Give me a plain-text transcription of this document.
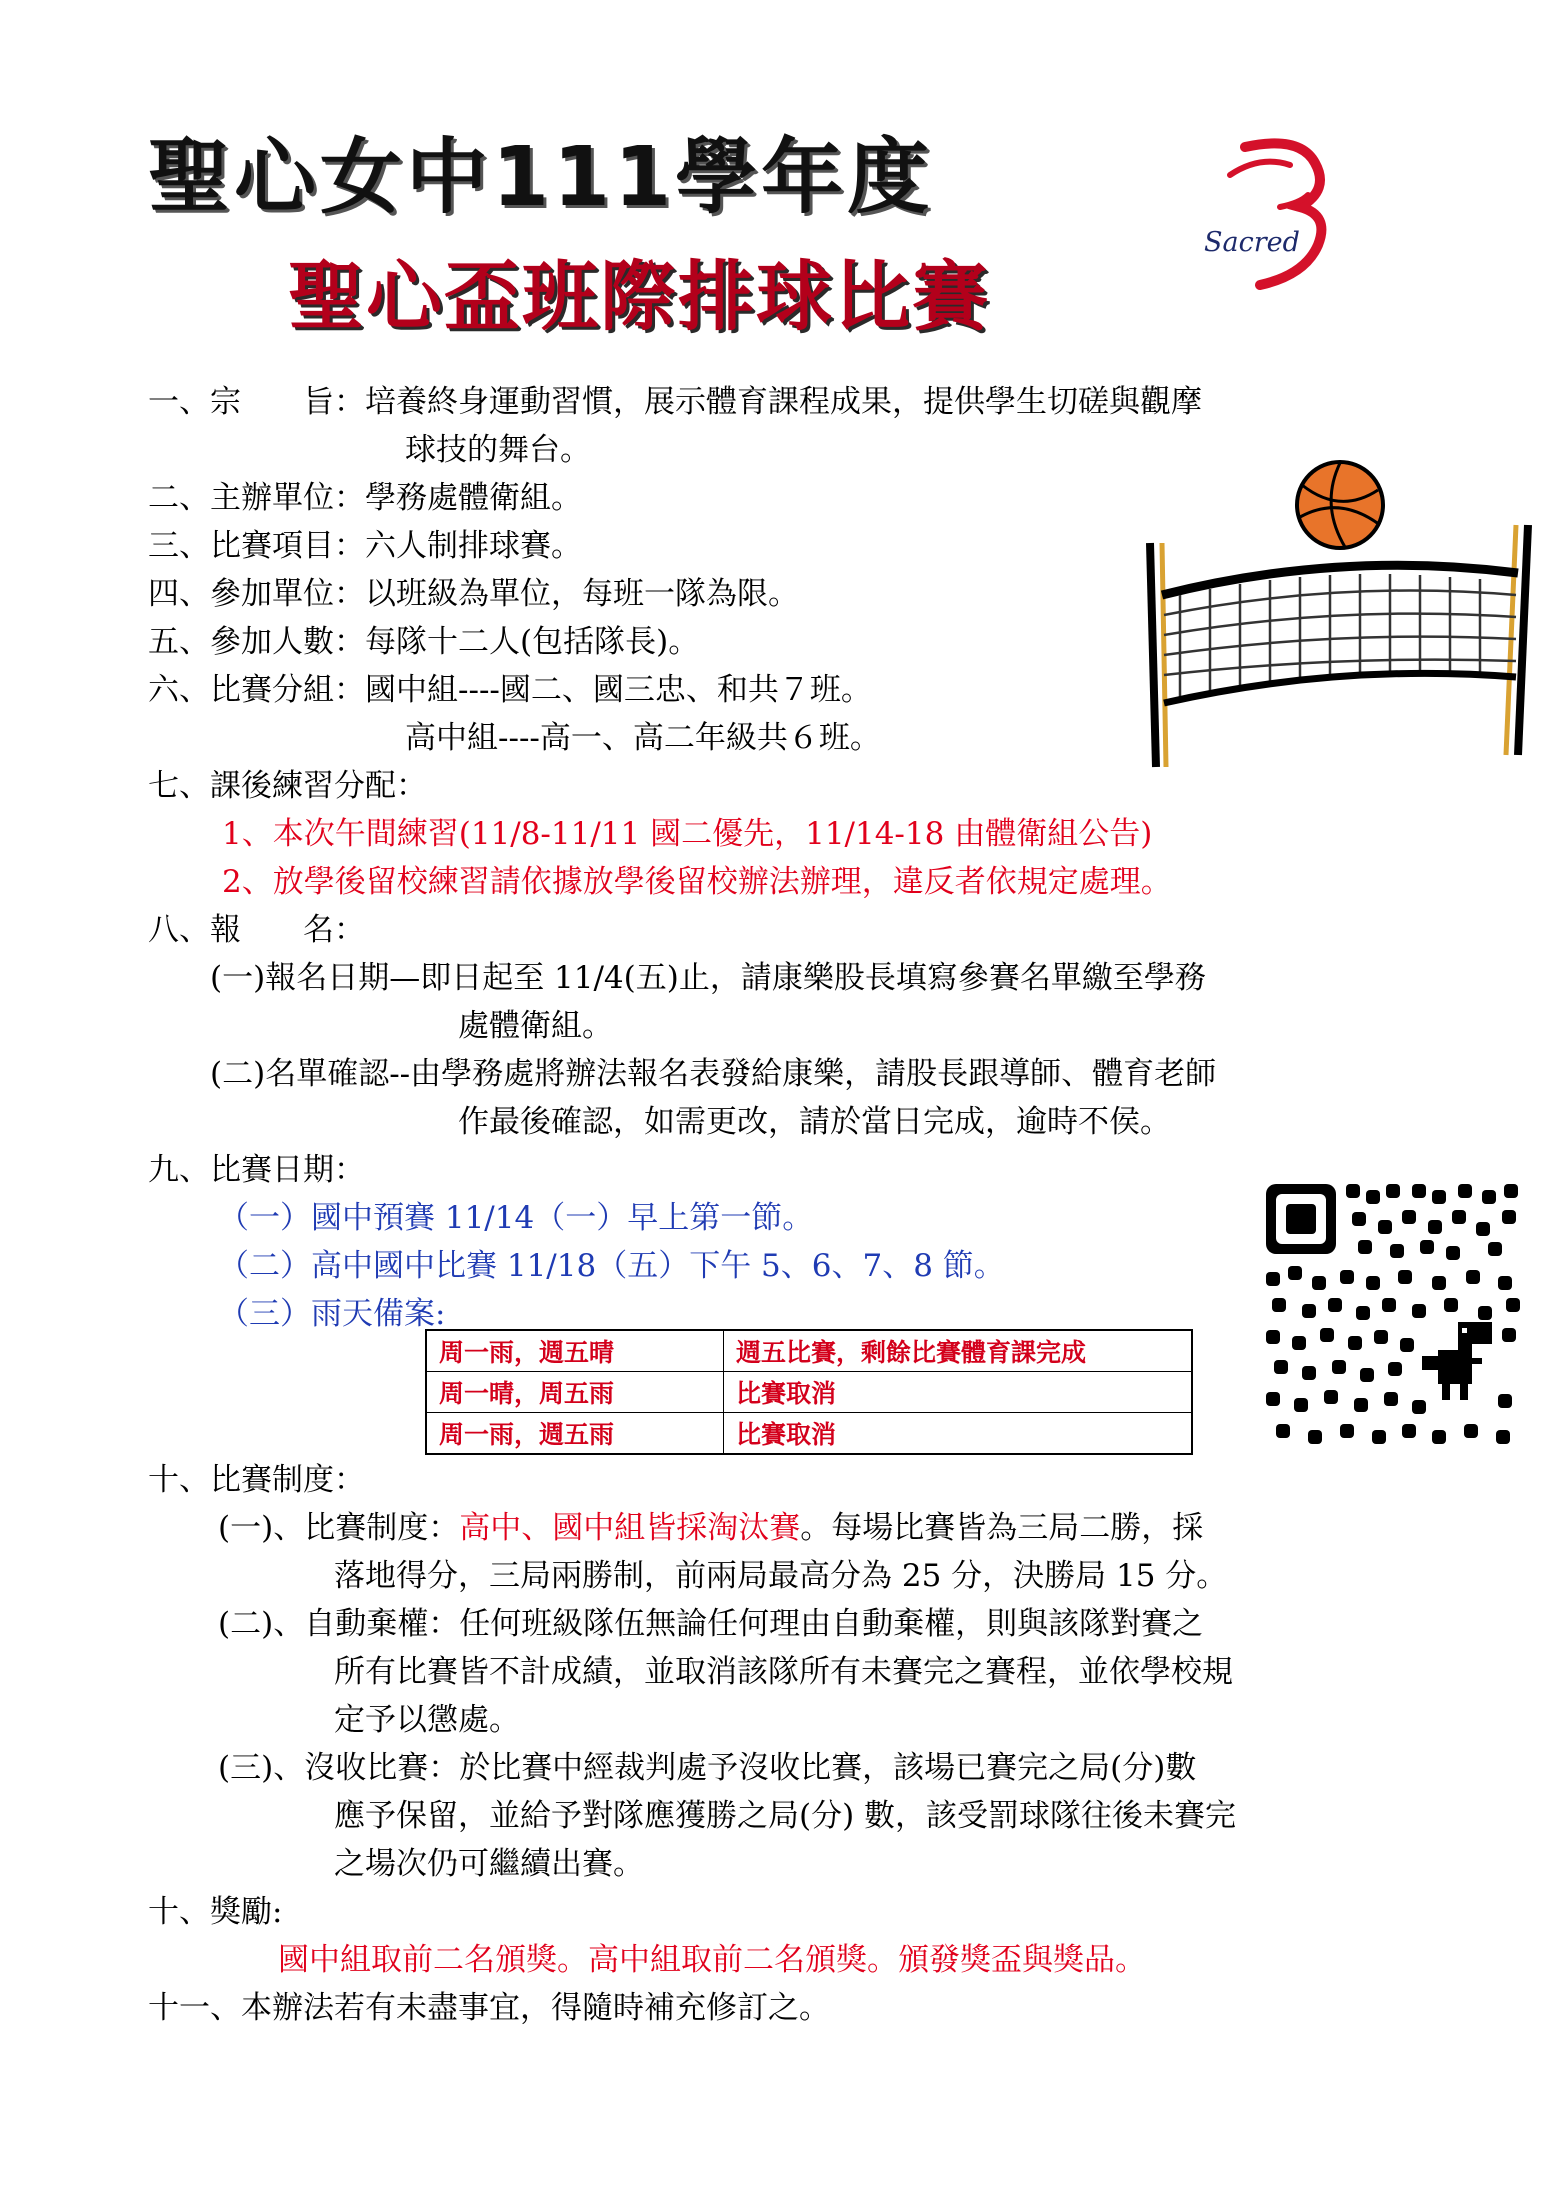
聖心女中111學年度
聖心盃班際排球比賽
Sacred
一、宗　　旨：培養終身運動習慣，展示體育課程成果，提供學生切磋與觀摩
球技的舞台。
二、主辦單位：學務處體衛組。
三、比賽項目：六人制排球賽。
四、參加單位：以班級為單位，每班一隊為限。
五、參加人數：每隊十二人(包括隊長)。
六、比賽分組：國中組----國二、國三忠、和共７班。
高中組----高一、高二年級共６班。
七、課後練習分配：
1、本次午間練習(11/8-11/11 國二優先，11/14-18 由體衛組公告)
2、放學後留校練習請依據放學後留校辦法辦理，違反者依規定處理。
八、報　　名：
(一)報名日期—即日起至 11/4(五)止，請康樂股長填寫參賽名單繳至學務
處體衛組。
(二)名單確認--由學務處將辦法報名表發給康樂，請股長跟導師、體育老師
作最後確認，如需更改，請於當日完成，逾時不侯。
九、比賽日期：
（一）國中預賽 11/14（一）早上第一節。
（二）高中國中比賽 11/18（五）下午 5、6、7、8 節。
（三）雨天備案:
周一雨，週五晴	週五比賽，剩餘比賽體育課完成
周一晴，周五雨	比賽取消
周一雨，週五雨	比賽取消
十、比賽制度：
(一)、比賽制度：高中、國中組皆採淘汰賽。每場比賽皆為三局二勝，採
落地得分，三局兩勝制，前兩局最高分為 25 分，決勝局 15 分。
(二)、自動棄權：任何班級隊伍無論任何理由自動棄權，則與該隊對賽之
所有比賽皆不計成績，並取消該隊所有未賽完之賽程，並依學校規
定予以懲處。
(三)、沒收比賽：於比賽中經裁判處予沒收比賽，該場已賽完之局(分)數
應予保留，並給予對隊應獲勝之局(分) 數，該受罰球隊往後未賽完
之場次仍可繼續出賽。
十、獎勵:
國中組取前二名頒獎。高中組取前二名頒獎。頒發獎盃與獎品。
十一、本辦法若有未盡事宜，得隨時補充修訂之。
